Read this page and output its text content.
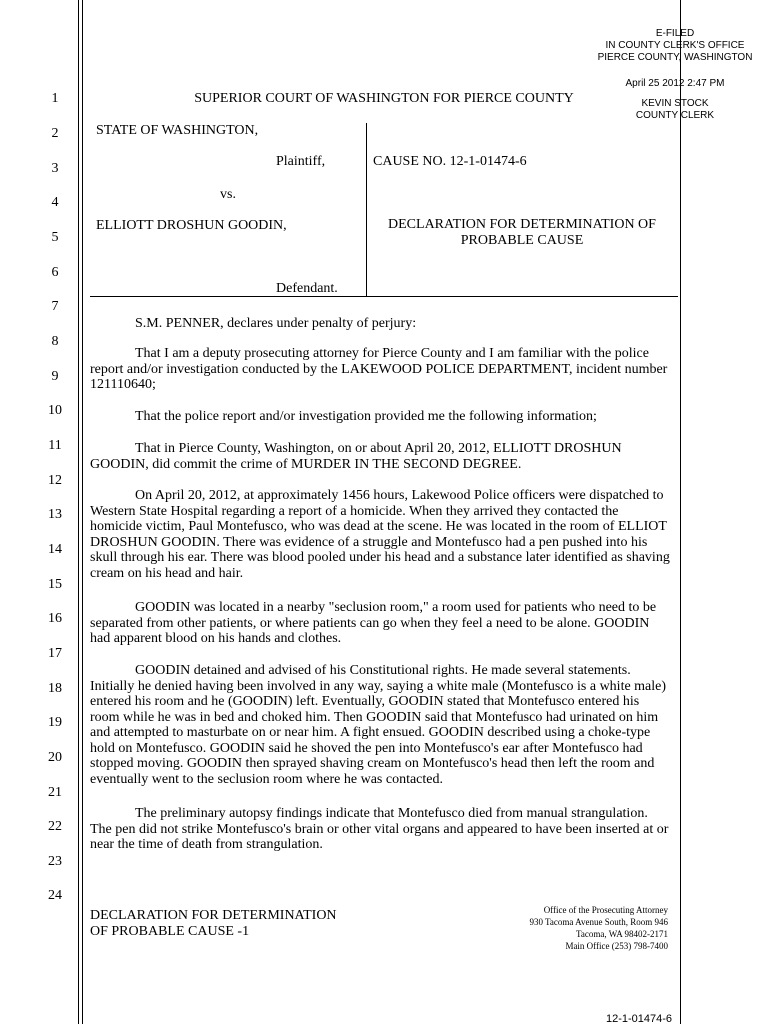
E-FILED
IN COUNTY CLERK'S OFFICE
PIERCE COUNTY, WASHINGTON
April 25 2012 2:47 PM
KEVIN STOCK
COUNTY CLERK
1
2
3
4
5
6
7
8
9
10
11
12
13
14
15
16
17
18
19
20
21
22
23
24
SUPERIOR COURT OF WASHINGTON FOR PIERCE COUNTY
STATE OF WASHINGTON,
Plaintiff,
vs.
ELLIOTT DROSHUN GOODIN,
Defendant.
CAUSE NO. 12-1-01474-6
DECLARATION FOR DETERMINATION OF
PROBABLE CAUSE

S.M. PENNER, declares under penalty of perjury:

That I am a deputy prosecuting attorney for Pierce County and I am familiar with the police report and/or investigation conducted by the LAKEWOOD POLICE DEPARTMENT, incident number 121110640;

That the police report and/or investigation provided me the following information;

That in Pierce County, Washington, on or about April 20, 2012, ELLIOTT DROSHUN GOODIN, did commit the crime of MURDER IN THE SECOND DEGREE.

On April 20, 2012, at approximately 1456 hours, Lakewood Police officers were dispatched to Western State Hospital regarding a report of a homicide. When they arrived they contacted the homicide victim, Paul Montefusco, who was dead at the scene. He was located in the room of ELLIOT DROSHUN GOODIN. There was evidence of a struggle and Montefusco had a pen pushed into his skull through his ear. There was blood pooled under his head and a substance later identified as shaving cream on his head and hair.

GOODIN was located in a nearby "seclusion room," a room used for patients who need to be separated from other patients, or where patients can go when they feel a need to be alone. GOODIN had apparent blood on his hands and clothes.

GOODIN detained and advised of his Constitutional rights. He made several statements. Initially he denied having been involved in any way, saying a white male (Montefusco is a white male) entered his room and he (GOODIN) left. Eventually, GOODIN stated that Montefusco entered his room while he was in bed and choked him. Then GOODIN said that Montefusco had urinated on him and attempted to masturbate on or near him. A fight ensued. GOODIN described using a choke-type hold on Montefusco. GOODIN said he shoved the pen into Montefusco's ear after Montefusco had stopped moving. GOODIN then sprayed shaving cream on Montefusco's head then left the room and eventually went to the seclusion room where he was contacted.

The preliminary autopsy findings indicate that Montefusco died from manual strangulation. The pen did not strike Montefusco's brain or other vital organs and appeared to have been inserted at or near the time of death from strangulation.

DECLARATION FOR DETERMINATION
OF PROBABLE CAUSE -1
Office of the Prosecuting Attorney
930 Tacoma Avenue South, Room 946
Tacoma, WA 98402-2171
Main Office (253) 798-7400
12-1-01474-6
